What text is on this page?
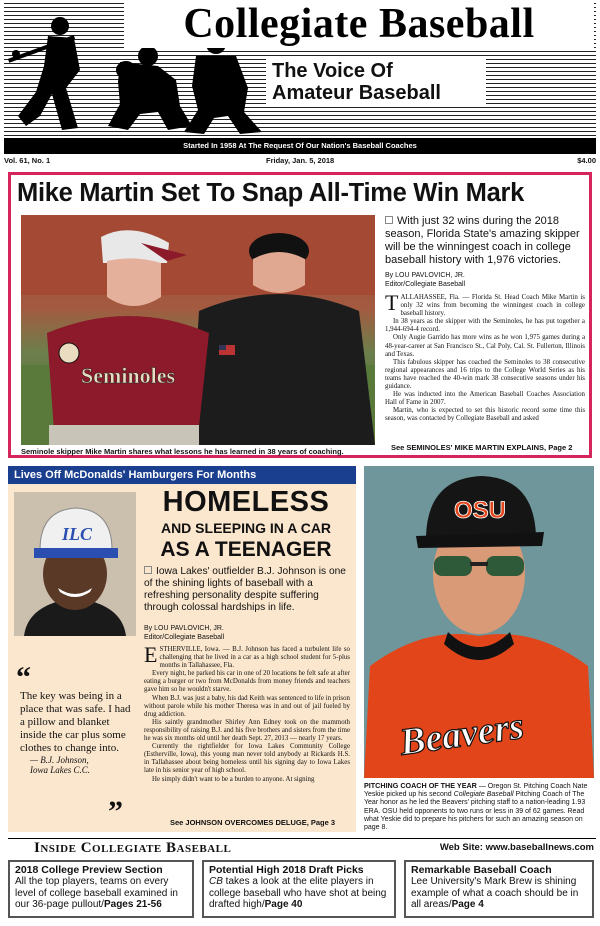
Collegiate Baseball
The Voice Of
Amateur Baseball
Started In 1958 At The Request Of Our Nation's Baseball Coaches
Vol. 61, No. 1	Friday, Jan. 5, 2018	$4.00
Mike Martin Set To Snap All-Time Win Mark
Seminoles
With just 32 wins during the 2018 season, Florida State's amazing skipper will be the winningest coach in college baseball history with 1,976 victories.
By LOU PAVLOVICH, JR.
Editor/Collegiate Baseball

TALLAHASSEE, Fla. — Florida St. Head Coach Mike Martin is only 32 wins from becoming the winningest coach in college baseball history.

In 38 years as the skipper with the Seminoles, he has put together a 1,944-694-4 record.

Only Augie Garrido has more wins as he won 1,975 games during a 48-year-career at San Francisco St., Cal Poly, Cal. St. Fullerton, Illinois and Texas.

This fabulous skipper has coached the Seminoles to 38 consecutive regional appearances and 16 trips to the College World Series as his teams have reached the 40-win mark 38 consecutive seasons under his guidance.

He was inducted into the American Baseball Coaches Association Hall of Fame in 2007.

Martin, who is expected to set this historic record some time this season, was contacted by Collegiate Baseball and asked

Seminole skipper Mike Martin shares what lessons he has learned in 38 years of coaching.	See SEMINOLES' MIKE MARTIN EXPLAINS, Page 2
Lives Off McDonalds' Hamburgers For Months
ILC
“
The key was being in a place that was safe. I had a pillow and blanket inside the car plus some clothes to change into.
— B.J. Johnson,
Iowa Lakes C.C.
”
HOMELESS
AND SLEEPING IN A CAR
AS A TEENAGER
Iowa Lakes' outfielder B.J. Johnson is one of the shining lights of baseball with a refreshing personality despite suffering through colossal hardships in life.
By LOU PAVLOVICH, JR.
Editor/Collegiate Baseball

ESTHERVILLE, Iowa. — B.J. Johnson has faced a turbulent life so challenging that he lived in a car as a high school student for 5-plus months in Tallahassee, Fla.

Every night, he parked his car in one of 20 locations he felt safe at after eating a burger or two from McDonalds from money friends and teachers gave him so he wouldn't starve.

When B.J. was just a baby, his dad Keith was sentenced to life in prison without parole while his mother Theresa was in and out of jail fueled by drug addiction.

His saintly grandmother Shirley Ann Edney took on the mammoth responsibility of raising B.J. and his five brothers and sisters from the time he was six months old until her death Sept. 27, 2013 — nearly 17 years.

Currently the rightfielder for Iowa Lakes Community College (Estherville, Iowa), this young man never told anybody at Rickards H.S. in Tallahassee about being homeless until his signing day to Iowa Lakes late in his senior year of high school.

He simply didn't want to be a burden to anyone. At signing

See JOHNSON OVERCOMES DELUGE, Page 3
OSU
Beavers
PITCHING COACH OF THE YEAR — Oregon St. Pitching Coach Nate Yeskie picked up his second Collegiate Baseball Pitching Coach of The Year honor as he led the Beavers' pitching staff to a nation-leading 1.93 ERA. OSU held opponents to two runs or less in 39 of 62 games. Read what Yeskie did to prepare his pitchers for such an amazing season on page 8.
Inside Collegiate Baseball	Web Site: www.baseballnews.com
2018 College Preview Section
All the top players, teams on every level of college baseball examined in our 36-page pullout/Pages 21-56
Potential High 2018 Draft Picks
CB takes a look at the elite players in college baseball who have shot at being drafted high/Page 40
Remarkable Baseball Coach
Lee University's Mark Brew is shining example of what a coach should be in all areas/Page 4
